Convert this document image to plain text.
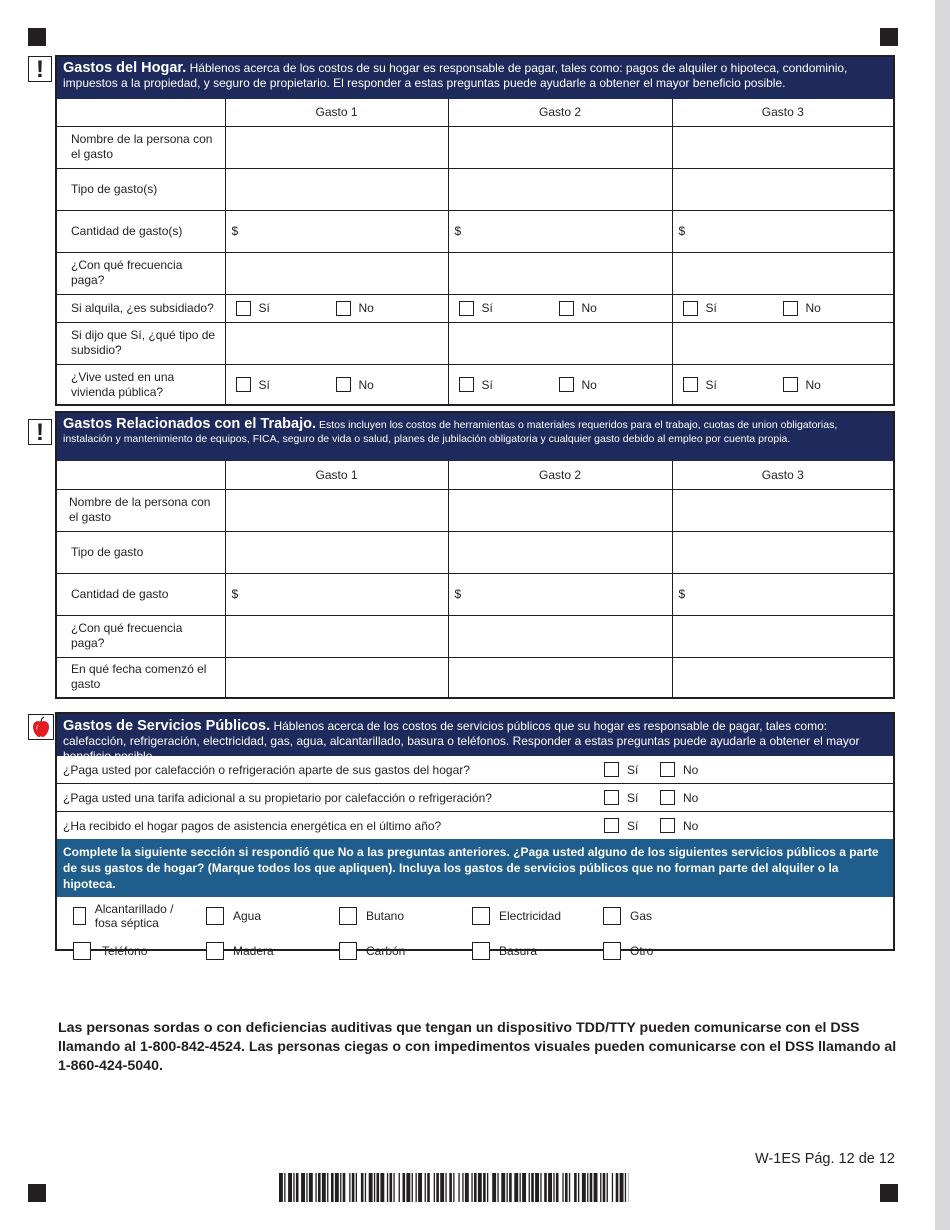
!	Gastos del Hogar. Háblenos acerca de los costos de su hogar es responsable de pagar, tales como: pagos de alquiler o hipoteca, condominio, impuestos a la propiedad, y seguro de propietario. El responder a estas preguntas puede ayudarle a obtener el mayor beneficio posible.
	Gasto 1	Gasto 2	Gasto 3
Nombre de la persona con el gasto			
Tipo de gasto(s)			
Cantidad de gasto(s)	$	$	$
¿Con qué frecuencia paga?			
Si alquila, ¿es subsidiado?	Sí No	Sí No	Sí No

Si dijo que Sí, ¿qué tipo de subsidio?			
¿Vive usted en una vivienda pública?	Sí No	Sí No	Sí No
!	Gastos Relacionados con el Trabajo. Estos incluyen los costos de herramientas o materiales requeridos para el trabajo, cuotas de union obligatorias, instalación y mantenimiento de equipos, FICA, seguro de vida o salud, planes de jubilación obligatoria y cualquier gasto debido al empleo por cuenta propia.
	Gasto 1	Gasto 2	Gasto 3
Nombre de la persona con el gasto			
Tipo de gasto			
Cantidad de gasto	$	$	$
¿Con qué frecuencia paga?			
En qué fecha comenzó el gasto			
Gastos de Servicios Públicos. Háblenos acerca de los costos de servicios públicos que su hogar es responsable de pagar, tales como: calefacción, refrigeración, electricidad, gas, agua, alcantarillado, basura o teléfonos. Responder a estas preguntas puede ayudarle a obtener el mayor beneficio posible.
¿Paga usted por calefacción o refrigeración aparte de sus gastos del hogar?	Sí	No
¿Paga usted una tarifa adicional a su propietario por calefacción o refrigeración?	Sí	No
¿Ha recibido el hogar pagos de asistencia energética en el último año?	Sí	No
Complete la siguiente sección si respondió que No a las preguntas anteriores. ¿Paga usted alguno de los siguientes servicios públicos a parte de sus gastos de hogar? (Marque todos los que apliquen). Incluya los gastos de servicios públicos que no forman parte del alquiler o la hipoteca.
Alcantarillado / fosa séptica	Agua	Butano	Electricidad	Gas
Teléfono	Madera	Carbón	Basura	Otro
Las personas sordas o con deficiencias auditivas que tengan un dispositivo TDD/TTY pueden comunicarse con el DSS llamando al 1-800-842-4524. Las personas ciegas o con impedimentos visuales pueden comunicarse con el DSS llamando al 1-860-424-5040.
W-1ES Pág. 12 de 12
